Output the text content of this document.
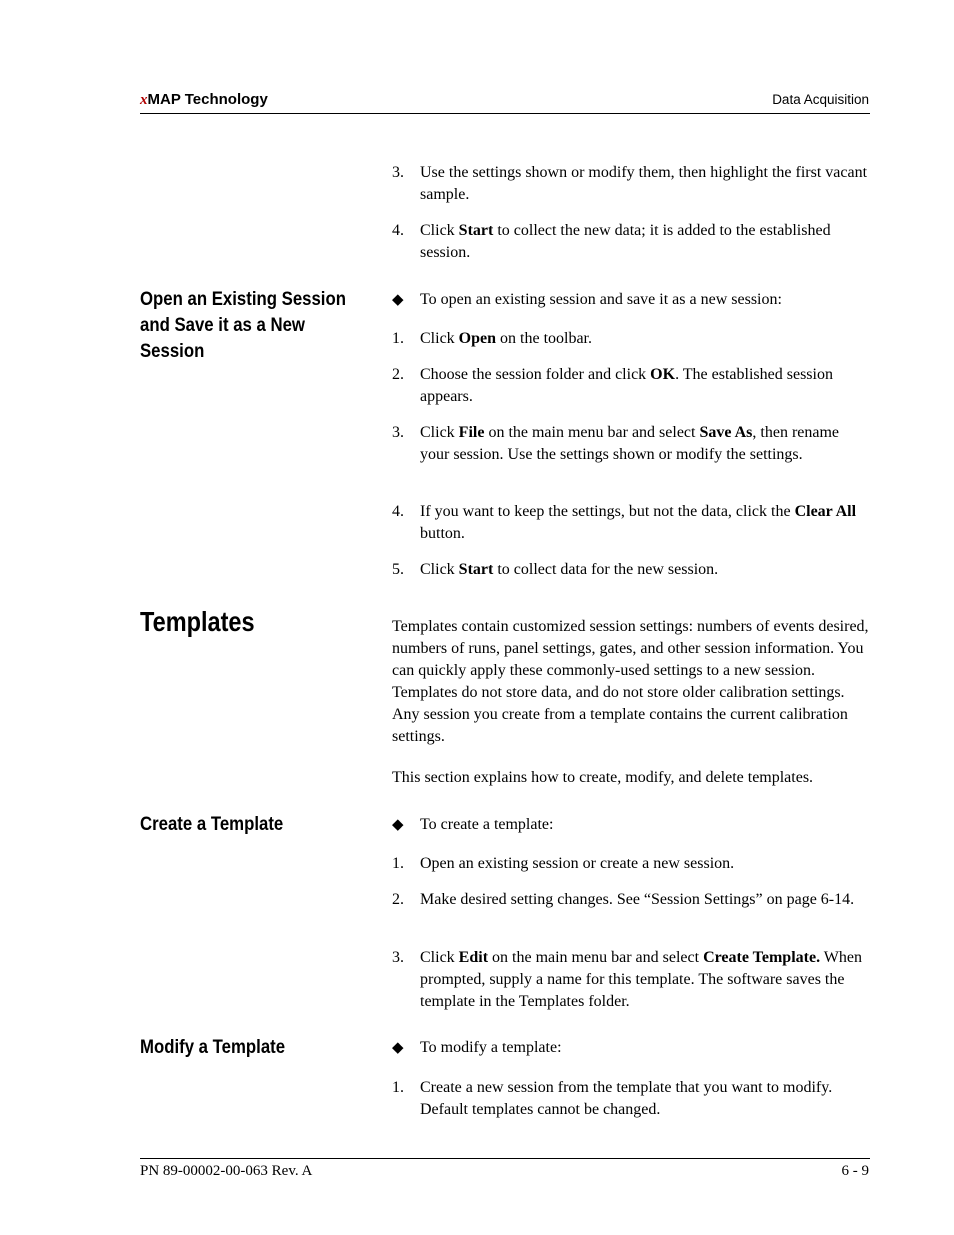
xMAP Technology	Data Acquisition
3. Use the settings shown or modify them, then highlight the first vacant sample.
4. Click Start to collect the new data; it is added to the established session.
Open an Existing Session and Save it as a New Session
◆ To open an existing session and save it as a new session:
1. Click Open on the toolbar.
2. Choose the session folder and click OK. The established session appears.
3. Click File on the main menu bar and select Save As, then rename your session. Use the settings shown or modify the settings.
4. If you want to keep the settings, but not the data, click the Clear All button.
5. Click Start to collect data for the new session.
Templates	Templates contain customized session settings: numbers of events desired, numbers of runs, panel settings, gates, and other session information. You can quickly apply these commonly-used settings to a new session. Templates do not store data, and do not store older calibration settings. Any session you create from a template contains the current calibration settings.
This section explains how to create, modify, and delete templates.
Create a Template	◆ To create a template:
1. Open an existing session or create a new session.
2. Make desired setting changes. See “Session Settings” on page 6-14.
3. Click Edit on the main menu bar and select Create Template. When prompted, supply a name for this template. The software saves the template in the Templates folder.
Modify a Template	◆ To modify a template:
1. Create a new session from the template that you want to modify. Default templates cannot be changed.
PN 89-00002-00-063 Rev. A	6 - 9
